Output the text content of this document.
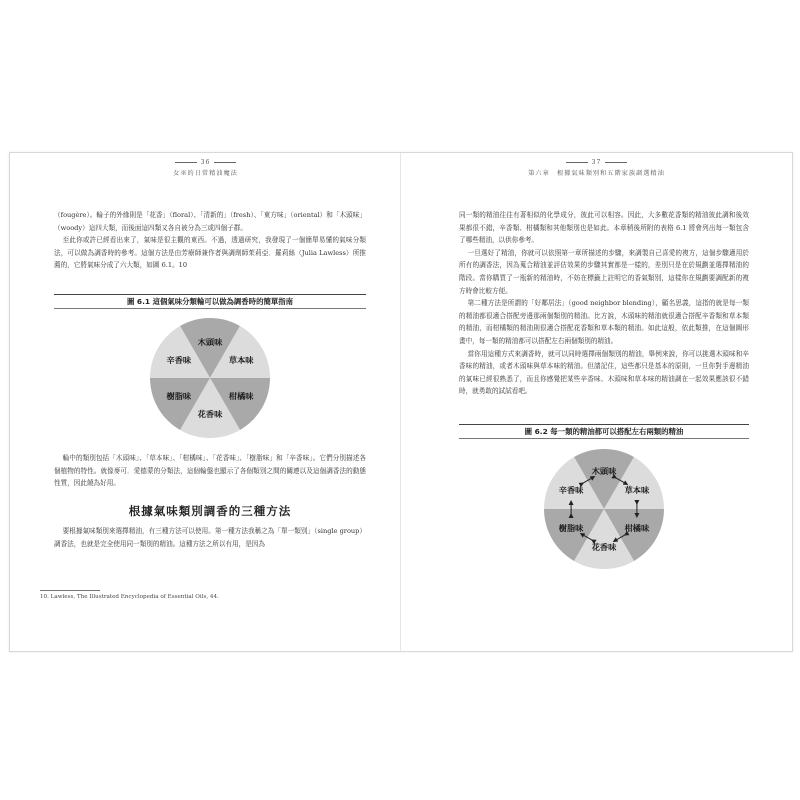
36
女巫的日常精油魔法

（fougère）。輪子的外緣則是「花香」（floral）、「清新的」（fresh）、「東方味」（oriental）和「木頭味」（woody）這四大類，而後面這四類又各自被分為三或四個子群。

至此你或許已經看出來了，氣味是很主觀的東西。不過，透過研究，我發現了一個簡單易懂的氣味分類法，可以做為調香時的參考。這個方法是由芳療師兼作者與調劑師茱莉亞．羅莉絲（Julia Lawless）所推薦的，它將氣味分成了六大類，如圖 6.1。10

圖 6.1 這個氣味分類輪可以做為調香時的簡單指南
木頭味
草本味
柑橘味
花香味
樹脂味
辛香味

輪中的類別包括「木頭味」、「草本味」、「柑橘味」、「花香味」、「樹脂味」和「辛香味」。它們分別描述各個植物的特性。就像麥可．愛德蒙的分類法，這個輪盤也顯示了各個類別之間的關連以及這個調香法的動態性質，因此饒為好用。

根據氣味類別調香的三種方法

要根據氣味類別來選擇精油，有三種方法可以使用。第一種方法我稱之為「單一類別」（single group）調香法，也就是完全使用同一類別的精油。這種方法之所以有用，是因為

10. Lawless, The Illustrated Encyclopedia of Essential Oils, 44.
37
第六章　根據氣味類別和五階家族調選精油

同一類的精油往往有著相似的化學成分，彼此可以相容。因此，大多數花香類的精油彼此調和後效果都很不錯，辛香類、柑橘類和其他類別也是如此。本章稍後所附的表格 6.1 將會列出每一類包含了哪些精油，以供你參考。

一旦選好了精油，你就可以依照第一章所描述的步驟，來調製自己喜愛的複方，這個步驟適用於所有的調香法，因為蒐合精油並評估效果的步驟其實都是一樣的，差別只是在於規劃並選擇精油的階段。當你購買了一瓶新的精油時，不妨在標籤上註明它的香氣類別，這樣你在規劃要調配新的複方時會比較方便。

第二種方法是所謂的「好鄰居法」（good neighbor blending），顧名思義，這指的就是每一類的精油都很適合搭配旁邊那兩個類別的精油。比方說，木頭味的精油就很適合搭配辛香類和草本類的精油，而柑橘類的精油則很適合搭配花香類和草本類的精油。如此這般，依此類推，在這個圖形畫中，每一類的精油都可以搭配左右兩個類別的精油。

當你用這種方式來調香時，就可以同時選擇兩個類別的精油，舉例來說，你可以挑選木頭味和辛香味的精油，或者木頭味與草本味的精油。但請記住，這些都只是基本的原則，一旦你對手邊精油的氣味已經很熟悉了，而且你感覺把某些辛香味、木頭味和草本味的精油調在一起效果應該很不錯時，就勇敢的試試看吧。

圖 6.2 每一類的精油都可以搭配左右兩類的精油
木頭味
草本味
柑橘味
花香味
樹脂味
辛香味
